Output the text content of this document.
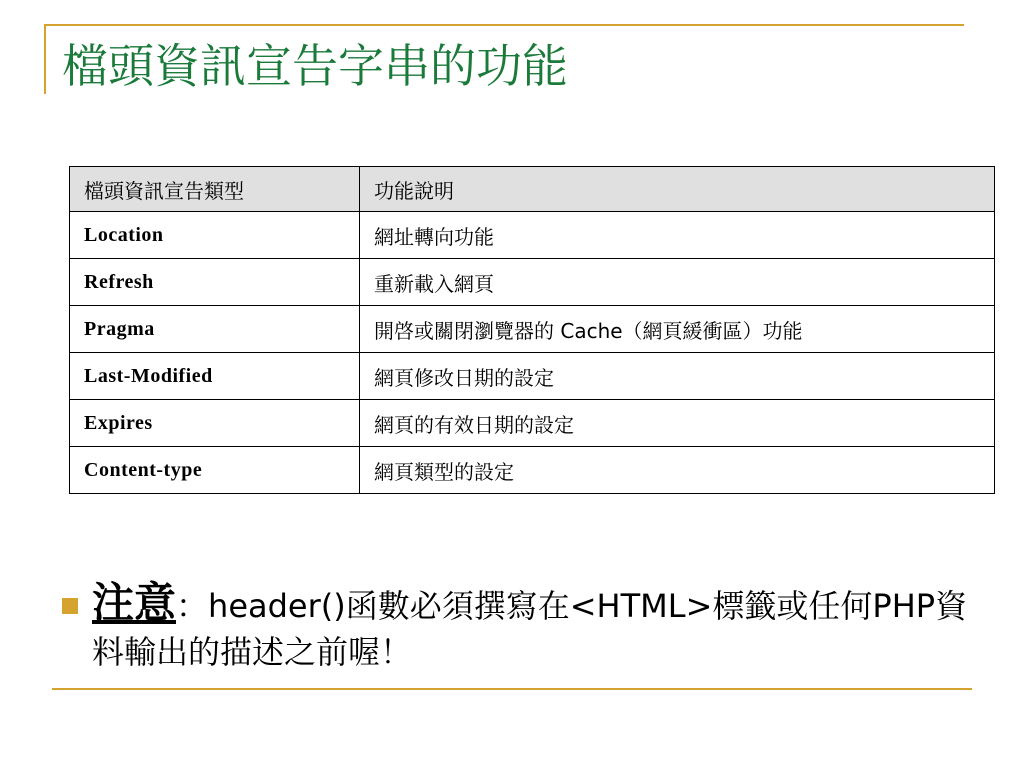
檔頭資訊宣告字串的功能
檔頭資訊宣告類型	功能說明
Location	網址轉向功能
Refresh	重新載入網頁
Pragma	開啓或關閉瀏覽器的 Cache（網頁緩衝區）功能
Last-Modified	網頁修改日期的設定
Expires	網頁的有效日期的設定
Content-type	網頁類型的設定
注意：header()函數必須撰寫在<HTML>標籤或任何PHP資料輸出的描述之前喔！
